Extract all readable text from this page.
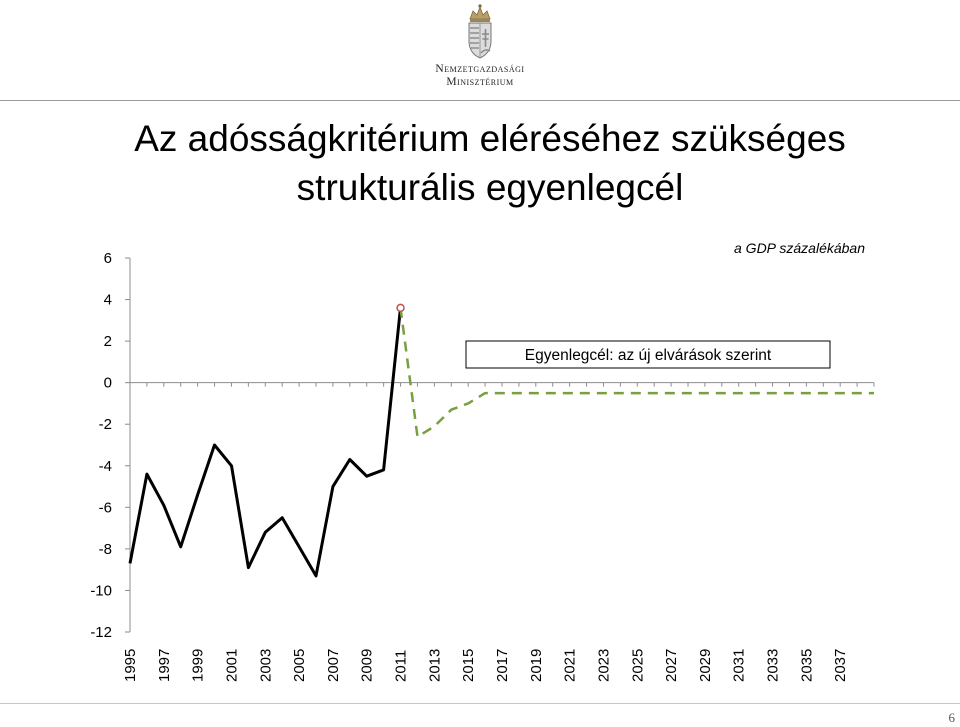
Nemzetgazdasági
Minisztérium
Az adósságkritérium eléréséhez szükséges
strukturális egyenlegcél
6
4
2
0
-2
-4
-6
-8
-10
-12
1995 1997 1999 2001 2003 2005 2007 2009 2011 2013 2015 2017 2019 2021 2023 2025 2027 2029 2031 2033 2035 2037
a GDP százalékában
Egyenlegcél: az új elvárások szerint
6
